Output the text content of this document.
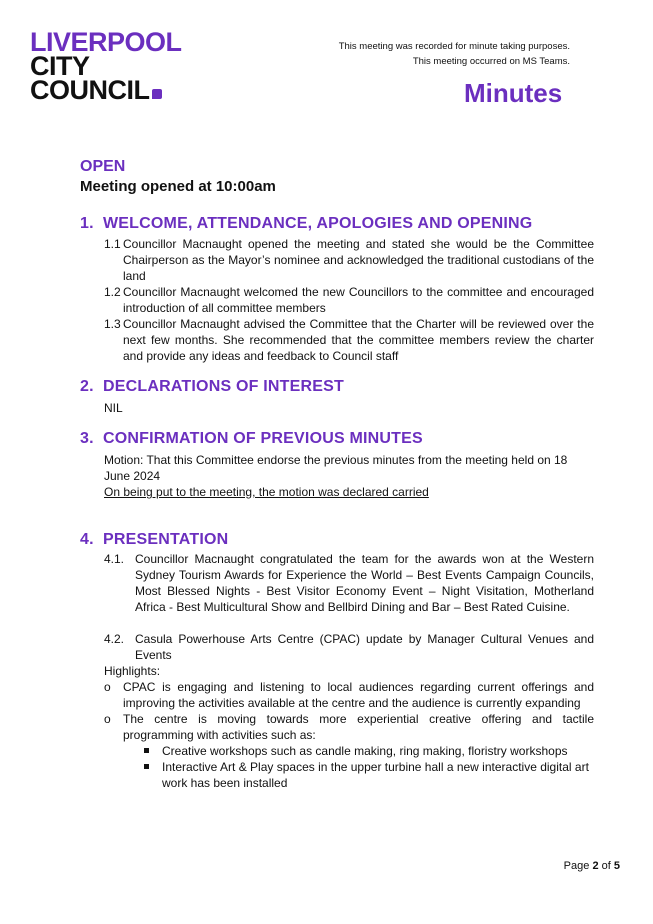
LIVERPOOL
CITY
COUNCIL
This meeting was recorded for minute taking purposes.
This meeting occurred on MS Teams.
Minutes
OPEN
Meeting opened at 10:00am
1. WELCOME, ATTENDANCE, APOLOGIES AND OPENING
1.1 Councillor Macnaught opened the meeting and stated she would be the Committee Chairperson as the Mayor’s nominee and acknowledged the traditional custodians of the land
1.2 Councillor Macnaught welcomed the new Councillors to the committee and encouraged introduction of all committee members
1.3 Councillor Macnaught advised the Committee that the Charter will be reviewed over the next few months. She recommended that the committee members review the charter and provide any ideas and feedback to Council staff
2. DECLARATIONS OF INTEREST
NIL
3. CONFIRMATION OF PREVIOUS MINUTES
Motion: That this Committee endorse the previous minutes from the meeting held on 18 June 2024
On being put to the meeting, the motion was declared carried
4. PRESENTATION
4.1. Councillor Macnaught congratulated the team for the awards won at the Western Sydney Tourism Awards for Experience the World – Best Events Campaign Councils, Most Blessed Nights - Best Visitor Economy Event – Night Visitation, Motherland Africa - Best Multicultural Show and Bellbird Dining and Bar – Best Rated Cuisine.
4.2. Casula Powerhouse Arts Centre (CPAC) update by Manager Cultural Venues and Events
Highlights:
o	CPAC is engaging and listening to local audiences regarding current offerings and improving the activities available at the centre and the audience is currently expanding
o	The centre is moving towards more experiential creative offering and tactile programming with activities such as:
Creative workshops such as candle making, ring making, floristry workshops
Interactive Art & Play spaces in the upper turbine hall a new interactive digital art work has been installed
Page 2 of 5
